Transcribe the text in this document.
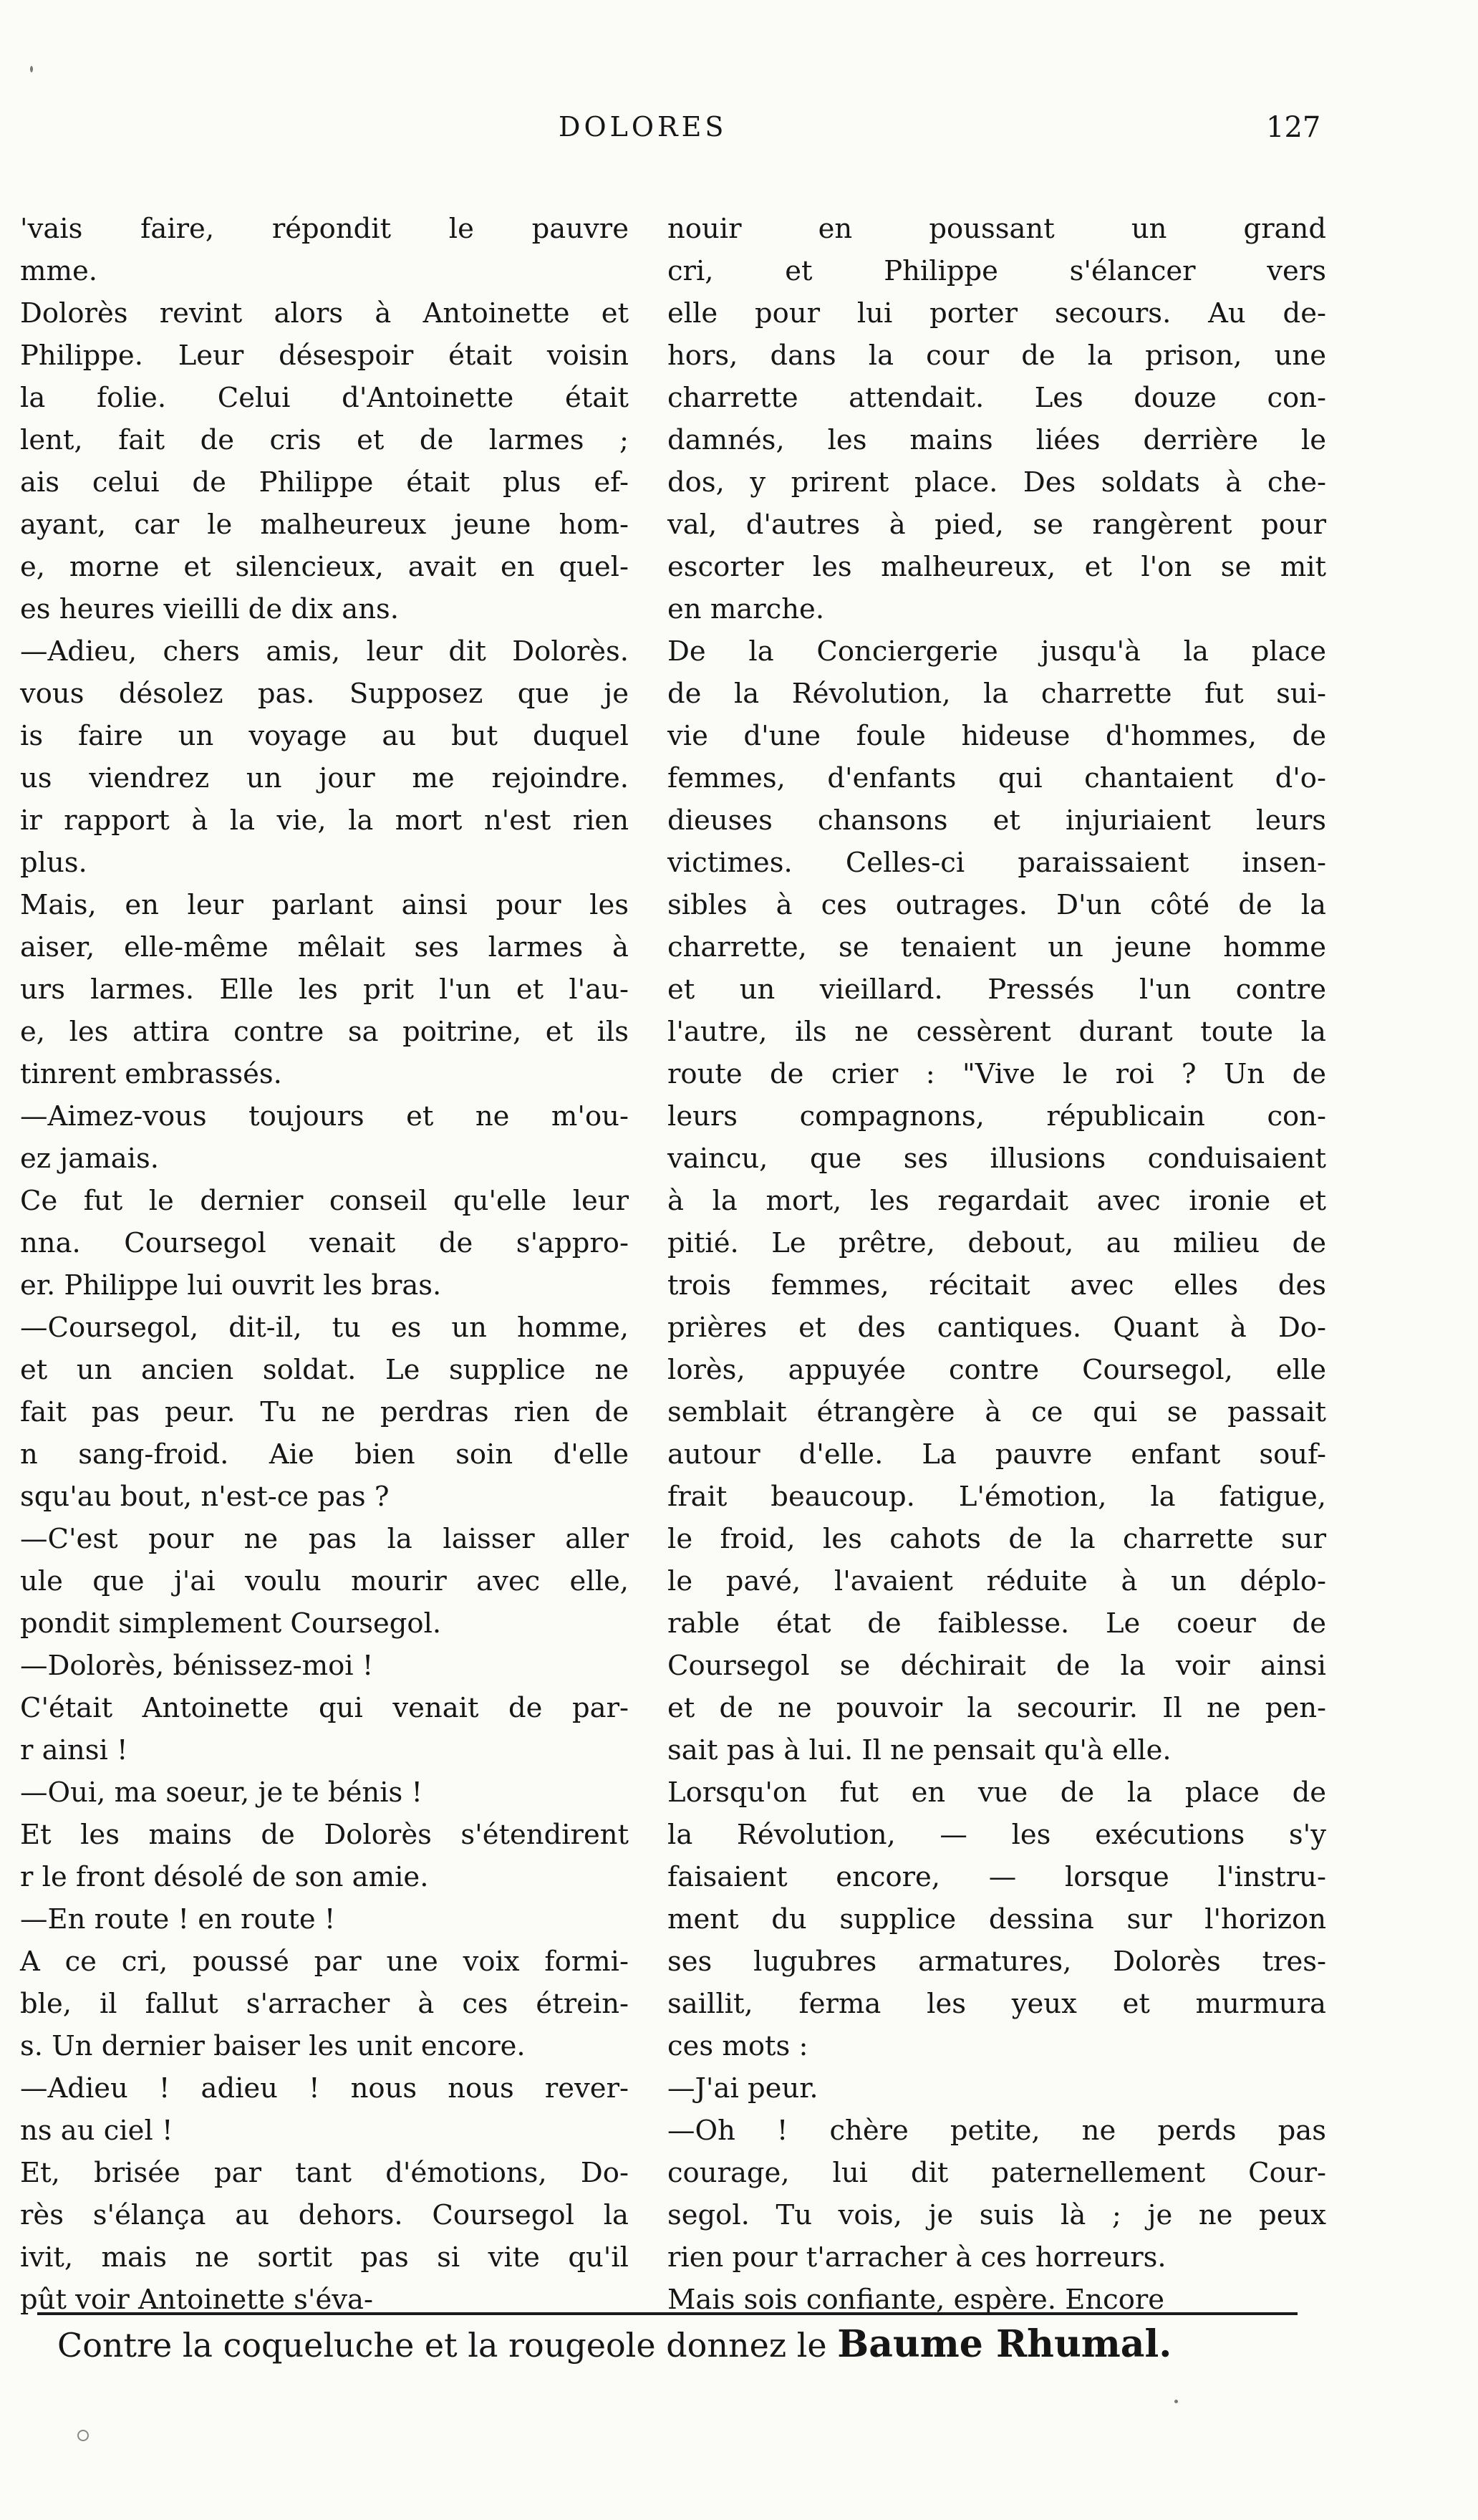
DOLORES	127
'vais faire, répondit le pauvre
mme.
Dolorès revint alors à Antoinette et
Philippe. Leur désespoir était voisin
la folie. Celui d'Antoinette était
lent, fait de cris et de larmes ;
ais celui de Philippe était plus ef-
ayant, car le malheureux jeune hom-
e, morne et silencieux, avait en quel-
es heures vieilli de dix ans.
—Adieu, chers amis, leur dit Dolorès.
vous désolez pas. Supposez que je
is faire un voyage au but duquel
us viendrez un jour me rejoindre.
ir rapport à la vie, la mort n'est rien
plus.
Mais, en leur parlant ainsi pour les
aiser, elle-même mêlait ses larmes à
urs larmes. Elle les prit l'un et l'au-
e, les attira contre sa poitrine, et ils
tinrent embrassés.
—Aimez-vous toujours et ne m'ou-
ez jamais.
Ce fut le dernier conseil qu'elle leur
nna. Coursegol venait de s'appro-
er. Philippe lui ouvrit les bras.
—Coursegol, dit-il, tu es un homme,
et un ancien soldat. Le supplice ne
fait pas peur. Tu ne perdras rien de
n sang-froid. Aie bien soin d'elle
squ'au bout, n'est-ce pas ?
—C'est pour ne pas la laisser aller
ule que j'ai voulu mourir avec elle,
pondit simplement Coursegol.
—Dolorès, bénissez-moi !
C'était Antoinette qui venait de par-
r ainsi !
—Oui, ma soeur, je te bénis !
Et les mains de Dolorès s'étendirent
r le front désolé de son amie.
—En route ! en route !
A ce cri, poussé par une voix formi-
ble, il fallut s'arracher à ces étrein-
s. Un dernier baiser les unit encore.
—Adieu ! adieu ! nous nous rever-
ns au ciel !
Et, brisée par tant d'émotions, Do-
rès s'élança au dehors. Coursegol la
ivit, mais ne sortit pas si vite qu'il
pût voir Antoinette s'éva-
nouir en poussant un grand
cri, et Philippe s'élancer vers
elle pour lui porter secours. Au de-
hors, dans la cour de la prison, une
charrette attendait. Les douze con-
damnés, les mains liées derrière le
dos, y prirent place. Des soldats à che-
val, d'autres à pied, se rangèrent pour
escorter les malheureux, et l'on se mit
en marche.
De la Conciergerie jusqu'à la place
de la Révolution, la charrette fut sui-
vie d'une foule hideuse d'hommes, de
femmes, d'enfants qui chantaient d'o-
dieuses chansons et injuriaient leurs
victimes. Celles-ci paraissaient insen-
sibles à ces outrages. D'un côté de la
charrette, se tenaient un jeune homme
et un vieillard. Pressés l'un contre
l'autre, ils ne cessèrent durant toute la
route de crier : "Vive le roi ? Un de
leurs compagnons, républicain con-
vaincu, que ses illusions conduisaient
à la mort, les regardait avec ironie et
pitié. Le prêtre, debout, au milieu de
trois femmes, récitait avec elles des
prières et des cantiques. Quant à Do-
lorès, appuyée contre Coursegol, elle
semblait étrangère à ce qui se passait
autour d'elle. La pauvre enfant souf-
frait beaucoup. L'émotion, la fatigue,
le froid, les cahots de la charrette sur
le pavé, l'avaient réduite à un déplo-
rable état de faiblesse. Le coeur de
Coursegol se déchirait de la voir ainsi
et de ne pouvoir la secourir. Il ne pen-
sait pas à lui. Il ne pensait qu'à elle.
Lorsqu'on fut en vue de la place de
la Révolution, — les exécutions s'y
faisaient encore, — lorsque l'instru-
ment du supplice dessina sur l'horizon
ses lugubres armatures, Dolorès tres-
saillit, ferma les yeux et murmura
ces mots :
—J'ai peur.
—Oh ! chère petite, ne perds pas
courage, lui dit paternellement Cour-
segol. Tu vois, je suis là ; je ne peux
rien pour t'arracher à ces horreurs.
Mais sois confiante, espère. Encore
Contre la coqueluche et la rougeole donnez le Baume Rhumal.
